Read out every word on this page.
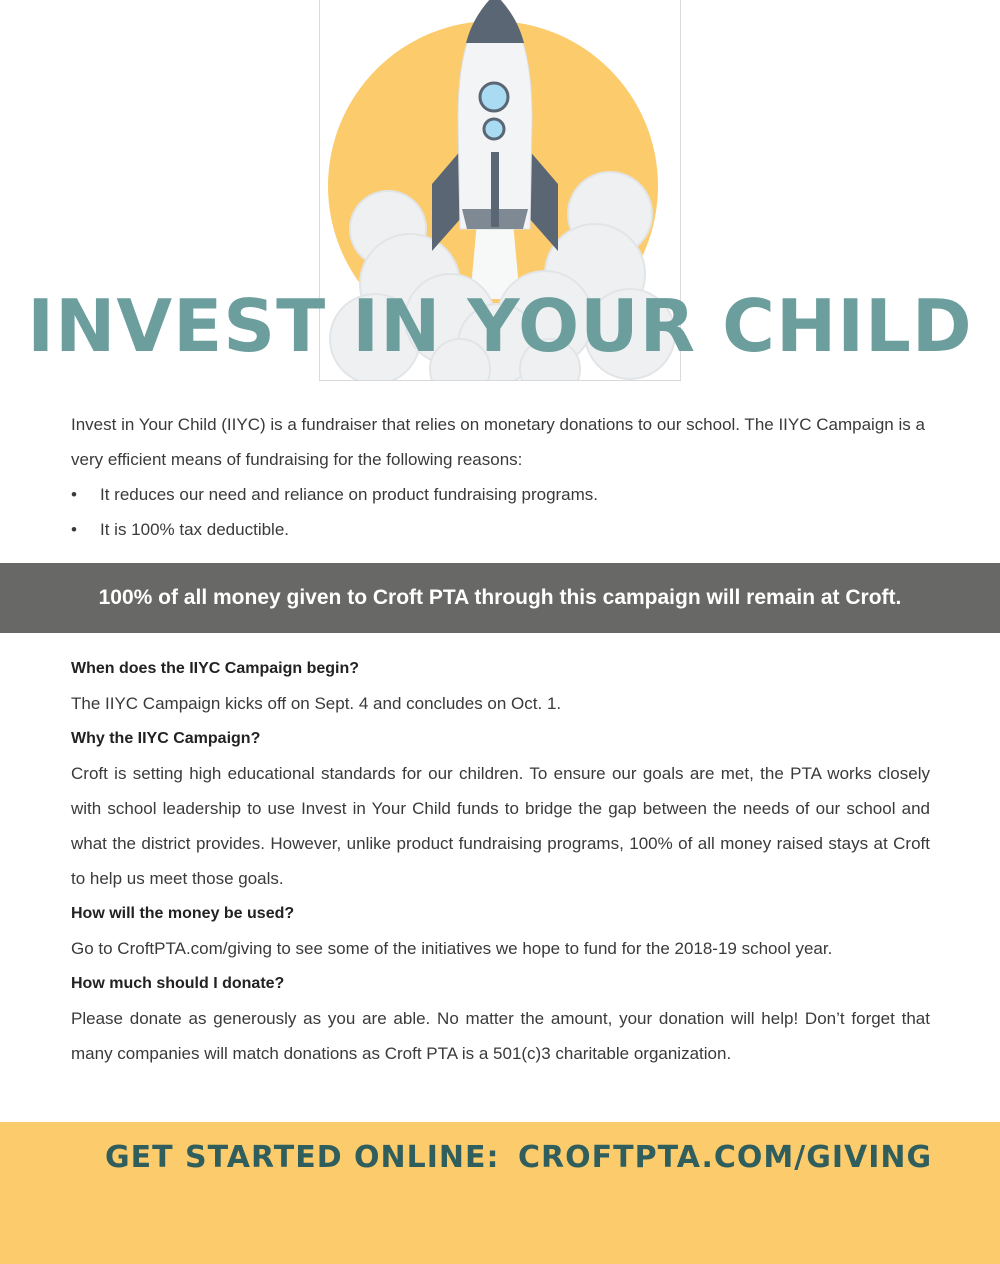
INVEST IN YOUR CHILD

Invest in Your Child (IIYC) is a fundraiser that relies on monetary donations to our school. The IIYC Campaign is a very efficient means of fundraising for the following reasons:

• It reduces our need and reliance on product fundraising programs.
• It is 100% tax deductible.
100% of all money given to Croft PTA through this campaign will remain at Croft.

When does the IIYC Campaign begin?

The IIYC Campaign kicks off on Sept. 4 and concludes on Oct. 1.

Why the IIYC Campaign?

Croft is setting high educational standards for our children. To ensure our goals are met, the PTA works closely with school leadership to use Invest in Your Child funds to bridge the gap between the needs of our school and what the district provides. However, unlike product fundraising programs, 100% of all money raised stays at Croft to help us meet those goals.

How will the money be used?

Go to CroftPTA.com/giving to see some of the initiatives we hope to fund for the 2018-19 school year.

How much should I donate?

Please donate as generously as you are able. No matter the amount, your donation will help! Don’t forget that many companies will match donations as Croft PTA is a 501(c)3 charitable organization.

GET STARTED ONLINE: CROFTPTA.COM/GIVING
